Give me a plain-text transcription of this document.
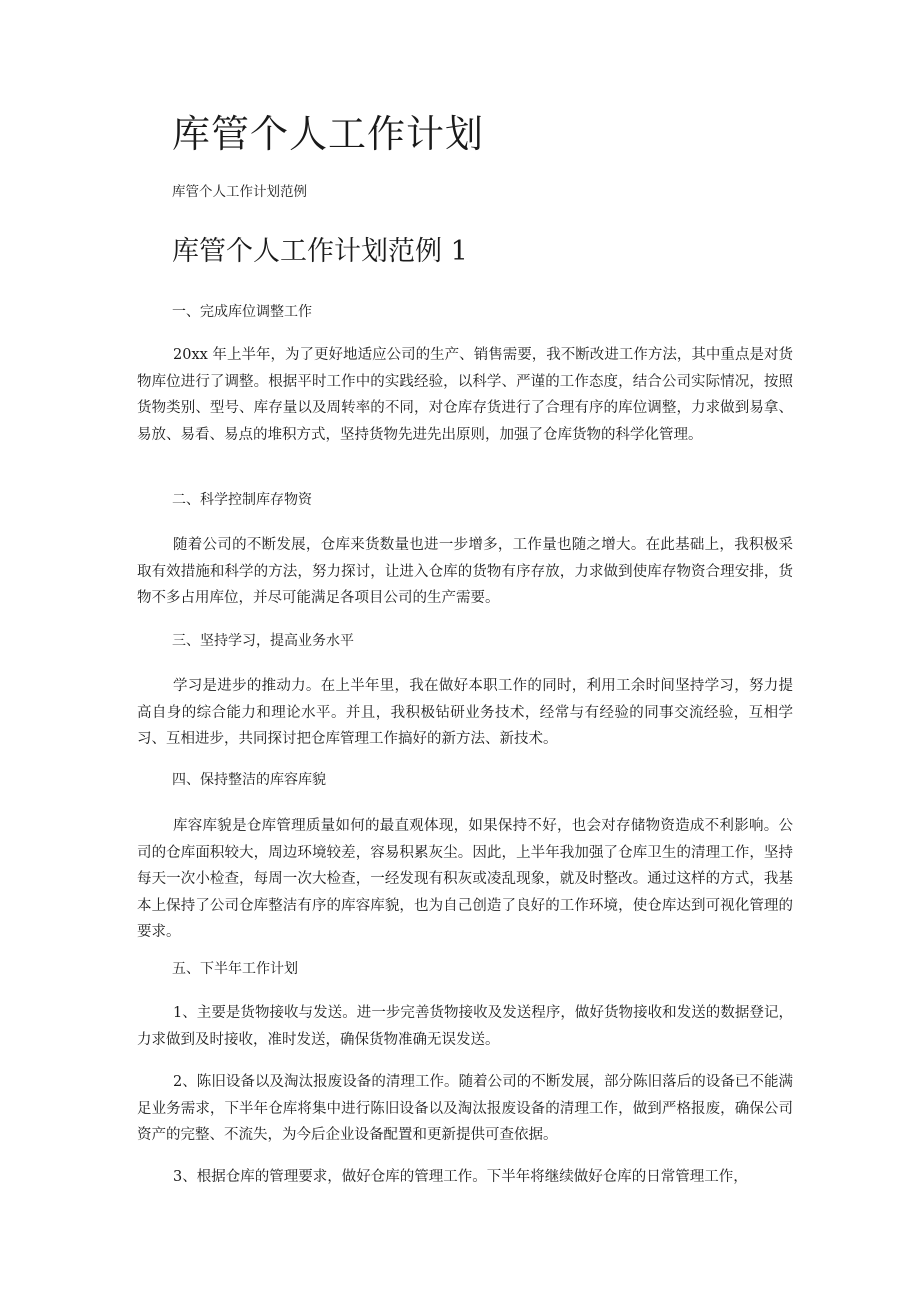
库管个人工作计划
库管个人工作计划范例
库管个人工作计划范例 1
一、完成库位调整工作

20xx 年上半年，为了更好地适应公司的生产、销售需要，我不断改进工作方法，其中重点是对货物库位进行了调整。根据平时工作中的实践经验，以科学、严谨的工作态度，结合公司实际情况，按照货物类别、型号、库存量以及周转率的不同，对仓库存货进行了合理有序的库位调整，力求做到易拿、易放、易看、易点的堆积方式，坚持货物先进先出原则，加强了仓库货物的科学化管理。

二、科学控制库存物资

随着公司的不断发展，仓库来货数量也进一步增多，工作量也随之增大。在此基础上，我积极采取有效措施和科学的方法，努力探讨，让进入仓库的货物有序存放，力求做到使库存物资合理安排，货物不多占用库位，并尽可能满足各项目公司的生产需要。

三、坚持学习，提高业务水平

学习是进步的推动力。在上半年里，我在做好本职工作的同时，利用工余时间坚持学习，努力提高自身的综合能力和理论水平。并且，我积极钻研业务技术，经常与有经验的同事交流经验，互相学习、互相进步，共同探讨把仓库管理工作搞好的新方法、新技术。

四、保持整洁的库容库貌

库容库貌是仓库管理质量如何的最直观体现，如果保持不好，也会对存储物资造成不利影响。公司的仓库面积较大，周边环境较差，容易积累灰尘。因此，上半年我加强了仓库卫生的清理工作，坚持每天一次小检查，每周一次大检查，一经发现有积灰或凌乱现象，就及时整改。通过这样的方式，我基本上保持了公司仓库整洁有序的库容库貌，也为自己创造了良好的工作环境，使仓库达到可视化管理的要求。

五、下半年工作计划

1、主要是货物接收与发送。进一步完善货物接收及发送程序，做好货物接收和发送的数据登记，力求做到及时接收，准时发送，确保货物准确无误发送。

2、陈旧设备以及淘汰报废设备的清理工作。随着公司的不断发展，部分陈旧落后的设备已不能满足业务需求，下半年仓库将集中进行陈旧设备以及淘汰报废设备的清理工作，做到严格报废，确保公司资产的完整、不流失，为今后企业设备配置和更新提供可查依据。

3、根据仓库的管理要求，做好仓库的管理工作。下半年将继续做好仓库的日常管理工作，
